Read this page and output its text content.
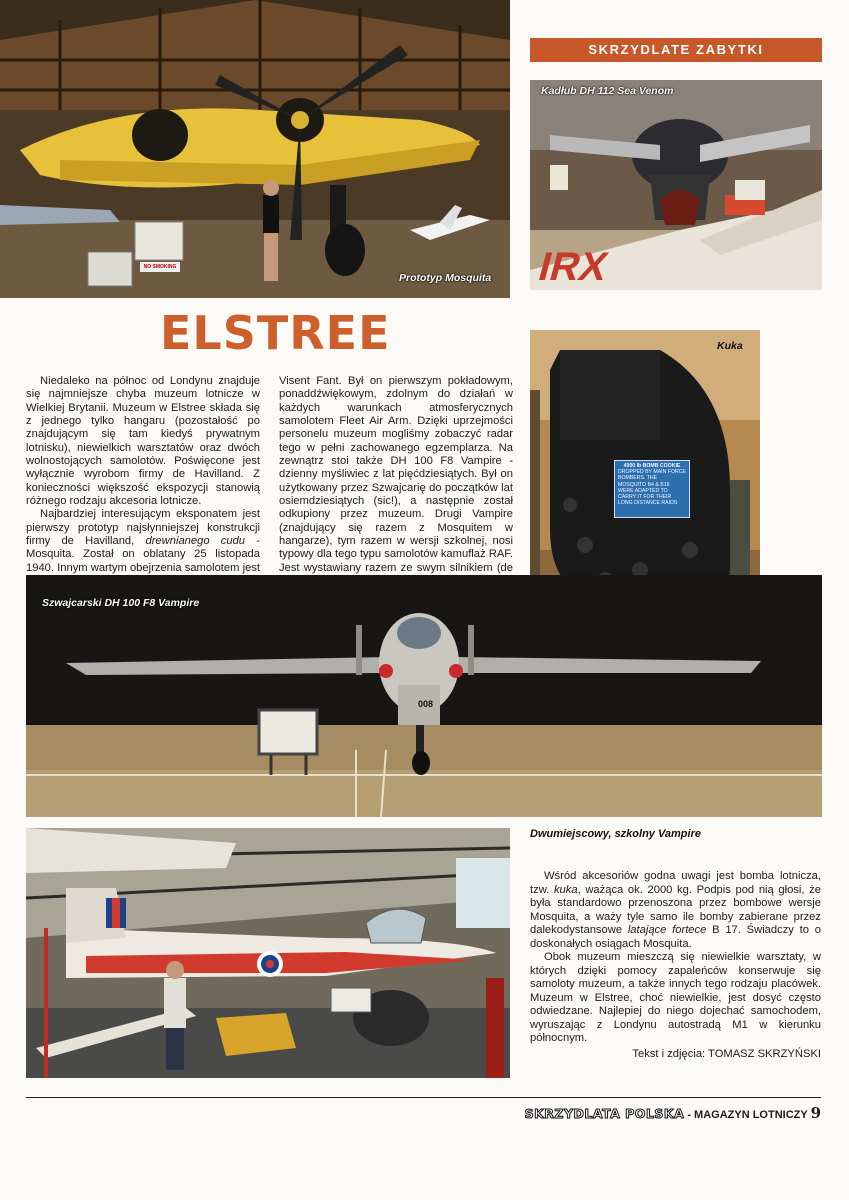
NO SMOKING
Prototyp Mosquita
SKRZYDLATE ZABYTKI
IRX
Kadłub DH 112 Sea Venom
ELSTREE

Niedaleko na północ od Londynu znajduje się najmniejsze chyba muzeum lotnicze w Wielkiej Brytanii. Muzeum w Elstree składa się z jednego tylko hangaru (pozostałość po znajdującym się tam kiedyś prywatnym lotnisku), niewielkich warsztatów oraz dwóch wolnostojących samolotów. Poświęcone jest wyłącznie wyrobom firmy de Havilland. Z konieczności większość ekspozycji stanowią różnego rodzaju akcesoria lotnicze.

Najbardziej interesującym eksponatem jest pierwszy prototyp najsłynniejszej konstrukcji firmy de Havilland, drewnianego cudu - Mosquita. Został on oblatany 25 listopada 1940. Innym wartym obejrzenia samolotem jest

Visent Fant. Był on pierwszym pokładowym, ponaddźwiękowym, zdolnym do działań w każdych warunkach atmosferycznych samolotem Fleet Air Arm. Dzięki uprzejmości personelu muzeum mogliśmy zobaczyć radar tego w pełni zachowanego egzemplarza. Na zewnątrz stoi także DH 100 F8 Vampire - dzienny myśliwiec z lat pięćdziesiątych. Był on użytkowany przez Szwajcarię do początków lat osiemdziesiątych (sic!), a następnie został odkupiony przez muzeum. Drugi Vampire (znajdujący się razem z Mosquitem w hangarze), tym razem w wersji szkolnej, nosi typowy dla tego typu samolotów kamuflaż RAF. Jest wystawiany razem ze swym silnikiem (de

4000 lb BOMB COOKIE
DROPPED BY MAIN FORCE BOMBERS. THE MOSQUITO B4 & B16 WERE ADAPTED TO CARRY IT FOR THEIR LONG DISTANCE RAIDS
Kuka
008
Szwajcarski DH 100 F8 Vampire
Dwumiejscowy, szkolny Vampire

Wśród akcesoriów godna uwagi jest bomba lotnicza, tzw. kuka, ważąca ok. 2000 kg. Podpis pod nią głosi, że była standardowo przenoszona przez bombowe wersje Mosquita, a waży tyle samo ile bomby zabierane przez dalekodystansowe latające fortece B 17. Świadczy to o doskonałych osiągach Mosquita.

Obok muzeum mieszczą się niewielkie warsztaty, w których dzięki pomocy zapaleńców konserwuje się samoloty muzeum, a także innych tego rodzaju placówek. Muzeum w Elstree, choć niewielkie, jest dosyć często odwiedzane. Najlepiej do niego dojechać samochodem, wyruszając z Londynu autostradą M1 w kierunku północnym.

Tekst i zdjęcia: TOMASZ SKRZYŃSKI

SKRZYDLATA POLSKA - MAGAZYN LOTNICZY 9
